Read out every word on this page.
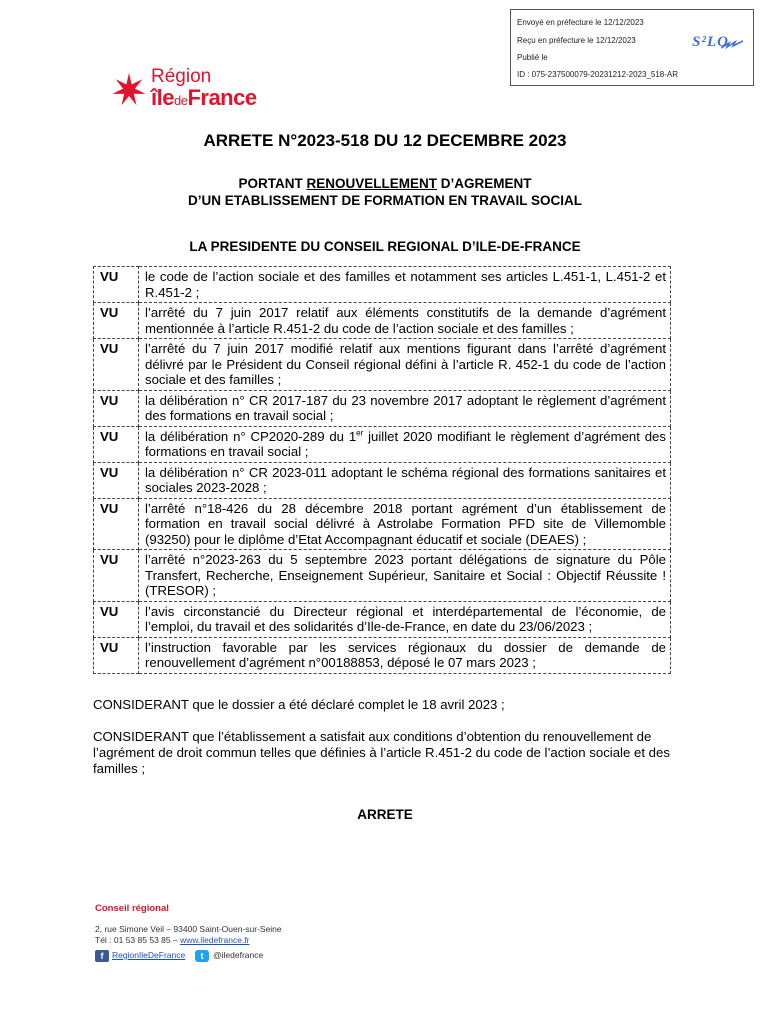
Envoyé en préfecture le 12/12/2023
Reçu en préfecture le 12/12/2023
Publié le
ID : 075-237500079-20231212-2023_518-AR
S²LO
Région
îledeFrance
ARRETE N°2023-518 DU 12 DECEMBRE 2023
PORTANT RENOUVELLEMENT D’AGREMENT
D’UN ETABLISSEMENT DE FORMATION EN TRAVAIL SOCIAL
LA PRESIDENTE DU CONSEIL REGIONAL D’ILE-DE-FRANCE
VU	le code de l’action sociale et des familles et notamment ses articles L.451-1, L.451-2 et R.451-2 ;
VU	l’arrêté du 7 juin 2017 relatif aux éléments constitutifs de la demande d’agrément mentionnée à l’article R.451-2 du code de l’action sociale et des familles ;
VU	l’arrêté du 7 juin 2017 modifié relatif aux mentions figurant dans l’arrêté d’agrément délivré par le Président du Conseil régional défini à l’article R. 452-1 du code de l’action sociale et des familles ;
VU	la délibération n° CR 2017-187 du 23 novembre 2017 adoptant le règlement d’agrément des formations en travail social ;
VU	la délibération n° CP2020-289 du 1er juillet 2020 modifiant le règlement d’agrément des formations en travail social ;
VU	la délibération n° CR 2023-011 adoptant le schéma régional des formations sanitaires et sociales 2023-2028 ;
VU	l’arrêté n°18-426 du 28 décembre 2018 portant agrément d’un établissement de formation en travail social délivré à Astrolabe Formation PFD site de Villemomble (93250) pour le diplôme d’Etat Accompagnant éducatif et sociale (DEAES) ;
VU	l’arrêté n°2023-263 du 5 septembre 2023 portant délégations de signature du Pôle Transfert, Recherche, Enseignement Supérieur, Sanitaire et Social : Objectif Réussite ! (TRESOR) ;
VU	l’avis circonstancié du Directeur régional et interdépartemental de l’économie, de l’emploi, du travail et des solidarités d’Ile-de-France, en date du 23/06/2023 ;
VU	l’instruction favorable par les services régionaux du dossier de demande de renouvellement d’agrément n°00188853, déposé le 07 mars 2023 ;
CONSIDERANT que le dossier a été déclaré complet le 18 avril 2023 ;
CONSIDERANT que l’établissement a satisfait aux conditions d’obtention du renouvellement de l’agrément de droit commun telles que définies à l’article R.451-2 du code de l’action sociale et des familles ;
ARRETE
Conseil régional
2, rue Simone Veil – 93400 Saint-Ouen-sur-Seine
Tél : 01 53 85 53 85 – www.iledefrance.fr
f	RegionIleDeFrance	t	@iledefrance
